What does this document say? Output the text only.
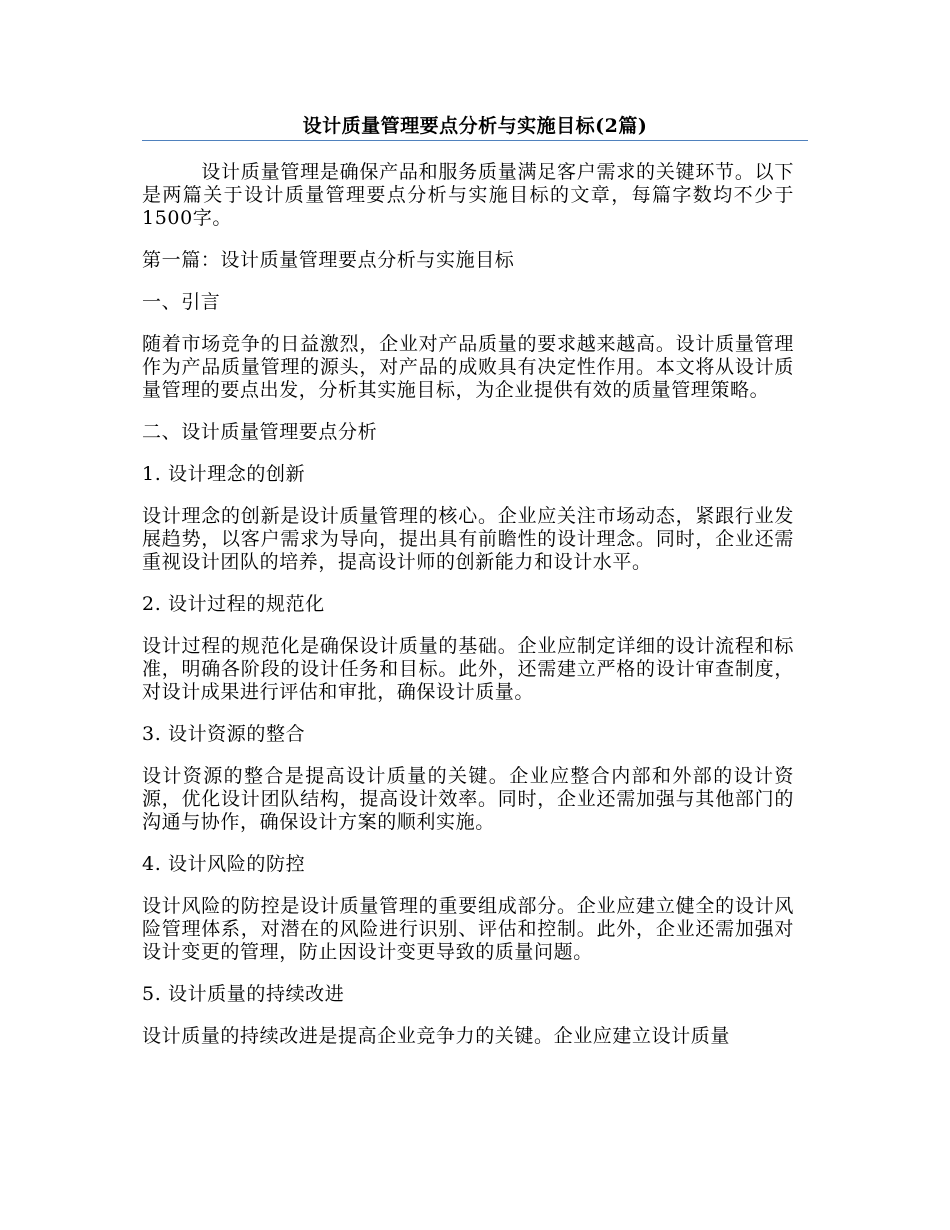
设计质量管理要点分析与实施目标(2篇)

　　　设计质量管理是确保产品和服务质量满足客户需求的关键环节。以下是两篇关于设计质量管理要点分析与实施目标的文章，每篇字数均不少于1500字。

第一篇：设计质量管理要点分析与实施目标

一、引言

随着市场竞争的日益激烈，企业对产品质量的要求越来越高。设计质量管理作为产品质量管理的源头，对产品的成败具有决定性作用。本文将从设计质量管理的要点出发，分析其实施目标，为企业提供有效的质量管理策略。

二、设计质量管理要点分析

1. 设计理念的创新

设计理念的创新是设计质量管理的核心。企业应关注市场动态，紧跟行业发展趋势，以客户需求为导向，提出具有前瞻性的设计理念。同时，企业还需重视设计团队的培养，提高设计师的创新能力和设计水平。

2. 设计过程的规范化

设计过程的规范化是确保设计质量的基础。企业应制定详细的设计流程和标准，明确各阶段的设计任务和目标。此外，还需建立严格的设计审查制度，对设计成果进行评估和审批，确保设计质量。

3. 设计资源的整合

设计资源的整合是提高设计质量的关键。企业应整合内部和外部的设计资源，优化设计团队结构，提高设计效率。同时，企业还需加强与其他部门的沟通与协作，确保设计方案的顺利实施。

4. 设计风险的防控

设计风险的防控是设计质量管理的重要组成部分。企业应建立健全的设计风险管理体系，对潜在的风险进行识别、评估和控制。此外，企业还需加强对设计变更的管理，防止因设计变更导致的质量问题。

5. 设计质量的持续改进

设计质量的持续改进是提高企业竞争力的关键。企业应建立设计质量
